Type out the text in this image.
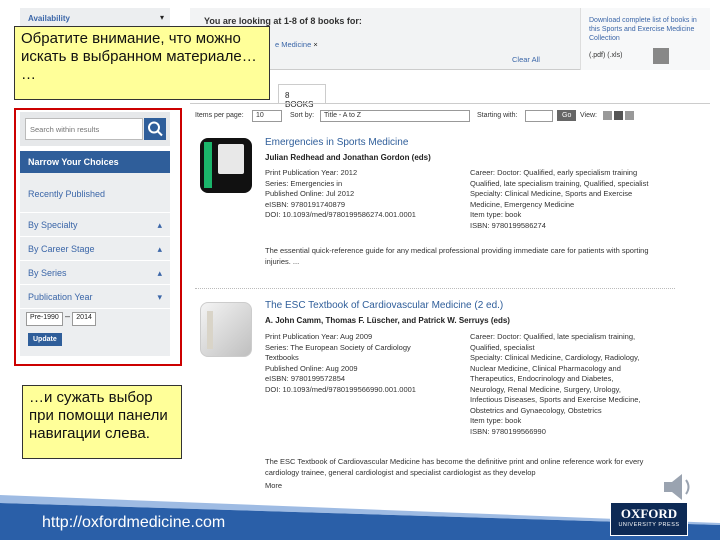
Availability	▾
Search within results
Narrow Your Choices
Recently Published
By Specialty	▴
By Career Stage	▴
By Series	▴
Publication Year	▾
Pre-1990 – 2014
Update
You are looking at 1-8 of 8 books for:
e Medicine ×
Clear All
Download complete list of books in this Sports and Exercise Medicine Collection
(.pdf) (.xls)
8 BOOKS
Items per page:	10	Sort by:	Title - A to Z	Starting with:	Go	View:
Emergencies in Sports Medicine
Julian Redhead and Jonathan Gordon (eds)
Print Publication Year: 2012
Series: Emergencies in
Published Online: Jul 2012
eISBN: 9780191740879
DOI: 10.1093/med/9780199586274.001.0001
Career: Doctor: Qualified, early specialism training
Qualified, late specialism training, Qualified, specialist
Specialty: Clinical Medicine, Sports and Exercise
Medicine, Emergency Medicine
Item type: book
ISBN: 9780199586274
The essential quick-reference guide for any medical professional providing immediate care for patients with sporting injuries. ...
The ESC Textbook of Cardiovascular Medicine (2 ed.)
A. John Camm, Thomas F. Lüscher, and Patrick W. Serruys (eds)
Print Publication Year: Aug 2009
Series: The European Society of Cardiology
Textbooks
Published Online: Aug 2009
eISBN: 9780199572854
DOI: 10.1093/med/9780199566990.001.0001
Career: Doctor: Qualified, late specialism training,
Qualified, specialist
Specialty: Clinical Medicine, Cardiology, Radiology,
Nuclear Medicine, Clinical Pharmacology and
Therapeutics, Endocrinology and Diabetes,
Neurology, Renal Medicine, Surgery, Urology,
Infectious Diseases, Sports and Exercise Medicine,
Obstetrics and Gynaecology, Obstetrics
Item type: book
ISBN: 9780199566990
The ESC Textbook of Cardiovascular Medicine has become the definitive print and online reference work for every cardiology trainee, general cardiologist and specialist cardiologist as they develop
More
Обратите внимание, что можно искать в выбранном материале… …
…и сужать выбор при помощи панели навигации слева.
http://oxfordmedicine.com
OXFORD
UNIVERSITY PRESS
